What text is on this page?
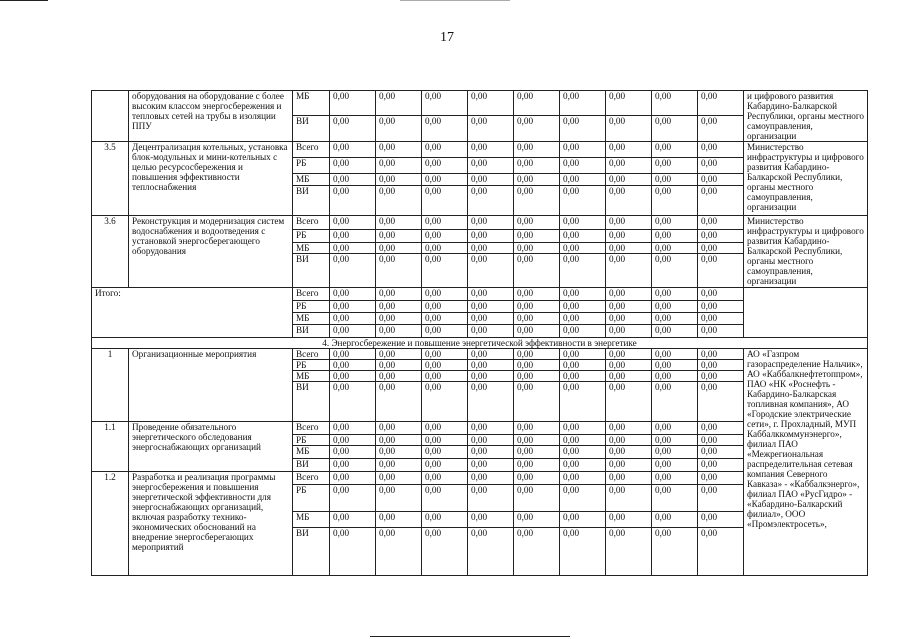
17
	оборудования на оборудование с более высоким классом энергосбережения и тепловых сетей на трубы в изоляции ППУ	МБ	0,00	0,00	0,00	0,00	0,00	0,00	0,00	0,00	0,00	и цифрового развития Кабардино-Балкарской Республики, органы местного самоуправления, организации
		ВИ	0,00	0,00	0,00	0,00	0,00	0,00	0,00	0,00	0,00	
3.5	Децентрализация котельных, установка блок-модульных и мини-котельных с целью ресурсосбережения и повышения эффективности теплоснабжения	Всего	0,00	0,00	0,00	0,00	0,00	0,00	0,00	0,00	0,00	Министерство инфраструктуры и цифрового развития Кабардино-Балкарской Республики, органы местного самоуправления, организации
		РБ	0,00	0,00	0,00	0,00	0,00	0,00	0,00	0,00	0,00	
		МБ	0,00	0,00	0,00	0,00	0,00	0,00	0,00	0,00	0,00	
		ВИ	0,00	0,00	0,00	0,00	0,00	0,00	0,00	0,00	0,00	
3.6	Реконструкция и модернизация систем водоснабжения и водоотведения с установкой энергосберегающего оборудования	Всего	0,00	0,00	0,00	0,00	0,00	0,00	0,00	0,00	0,00	Министерство инфраструктуры и цифрового развития Кабардино-Балкарской Республики, органы местного самоуправления, организации
		РБ	0,00	0,00	0,00	0,00	0,00	0,00	0,00	0,00	0,00	
		МБ	0,00	0,00	0,00	0,00	0,00	0,00	0,00	0,00	0,00	
		ВИ	0,00	0,00	0,00	0,00	0,00	0,00	0,00	0,00	0,00	
Итого:		Всего	0,00	0,00	0,00	0,00	0,00	0,00	0,00	0,00	0,00	
		РБ	0,00	0,00	0,00	0,00	0,00	0,00	0,00	0,00	0,00	
		МБ	0,00	0,00	0,00	0,00	0,00	0,00	0,00	0,00	0,00	
		ВИ	0,00	0,00	0,00	0,00	0,00	0,00	0,00	0,00	0,00	
4. Энергосбережение и повышение энергетической эффективности в энергетике												
1	Организационные мероприятия	Всего	0,00	0,00	0,00	0,00	0,00	0,00	0,00	0,00	0,00	АО «Газпром газораспределение Нальчик», АО «Каббалкнефтетоппром», ПАО «НК «Роснефть - Кабардино-Балкарская топливная компания», АО «Городские электрические сети», г. Прохладный, МУП Каббалккоммунэнерго», филиал ПАО «Межрегиональная распределительная сетевая компания Северного Кавказа» - «Каббалкэнерго», филиал ПАО «РусГидро» - «Кабардино-Балкарский филиал», ООО «Промэлектросеть»,
		РБ	0,00	0,00	0,00	0,00	0,00	0,00	0,00	0,00	0,00	
		МБ	0,00	0,00	0,00	0,00	0,00	0,00	0,00	0,00	0,00	
		ВИ	0,00	0,00	0,00	0,00	0,00	0,00	0,00	0,00	0,00	
1.1	Проведение обязательного энергетического обследования энергоснабжающих организаций	Всего	0,00	0,00	0,00	0,00	0,00	0,00	0,00	0,00	0,00	
		РБ	0,00	0,00	0,00	0,00	0,00	0,00	0,00	0,00	0,00	
		МБ	0,00	0,00	0,00	0,00	0,00	0,00	0,00	0,00	0,00	
		ВИ	0,00	0,00	0,00	0,00	0,00	0,00	0,00	0,00	0,00	
1.2	Разработка и реализация программы энергосбережения и повышения энергетической эффективности для энергоснабжающих организаций, включая разработку технико-экономических обоснований на внедрение энергосберегающих мероприятий	Всего	0,00	0,00	0,00	0,00	0,00	0,00	0,00	0,00	0,00	
		РБ	0,00	0,00	0,00	0,00	0,00	0,00	0,00	0,00	0,00	
		МБ	0,00	0,00	0,00	0,00	0,00	0,00	0,00	0,00	0,00	
		ВИ	0,00	0,00	0,00	0,00	0,00	0,00	0,00	0,00	0,00	
